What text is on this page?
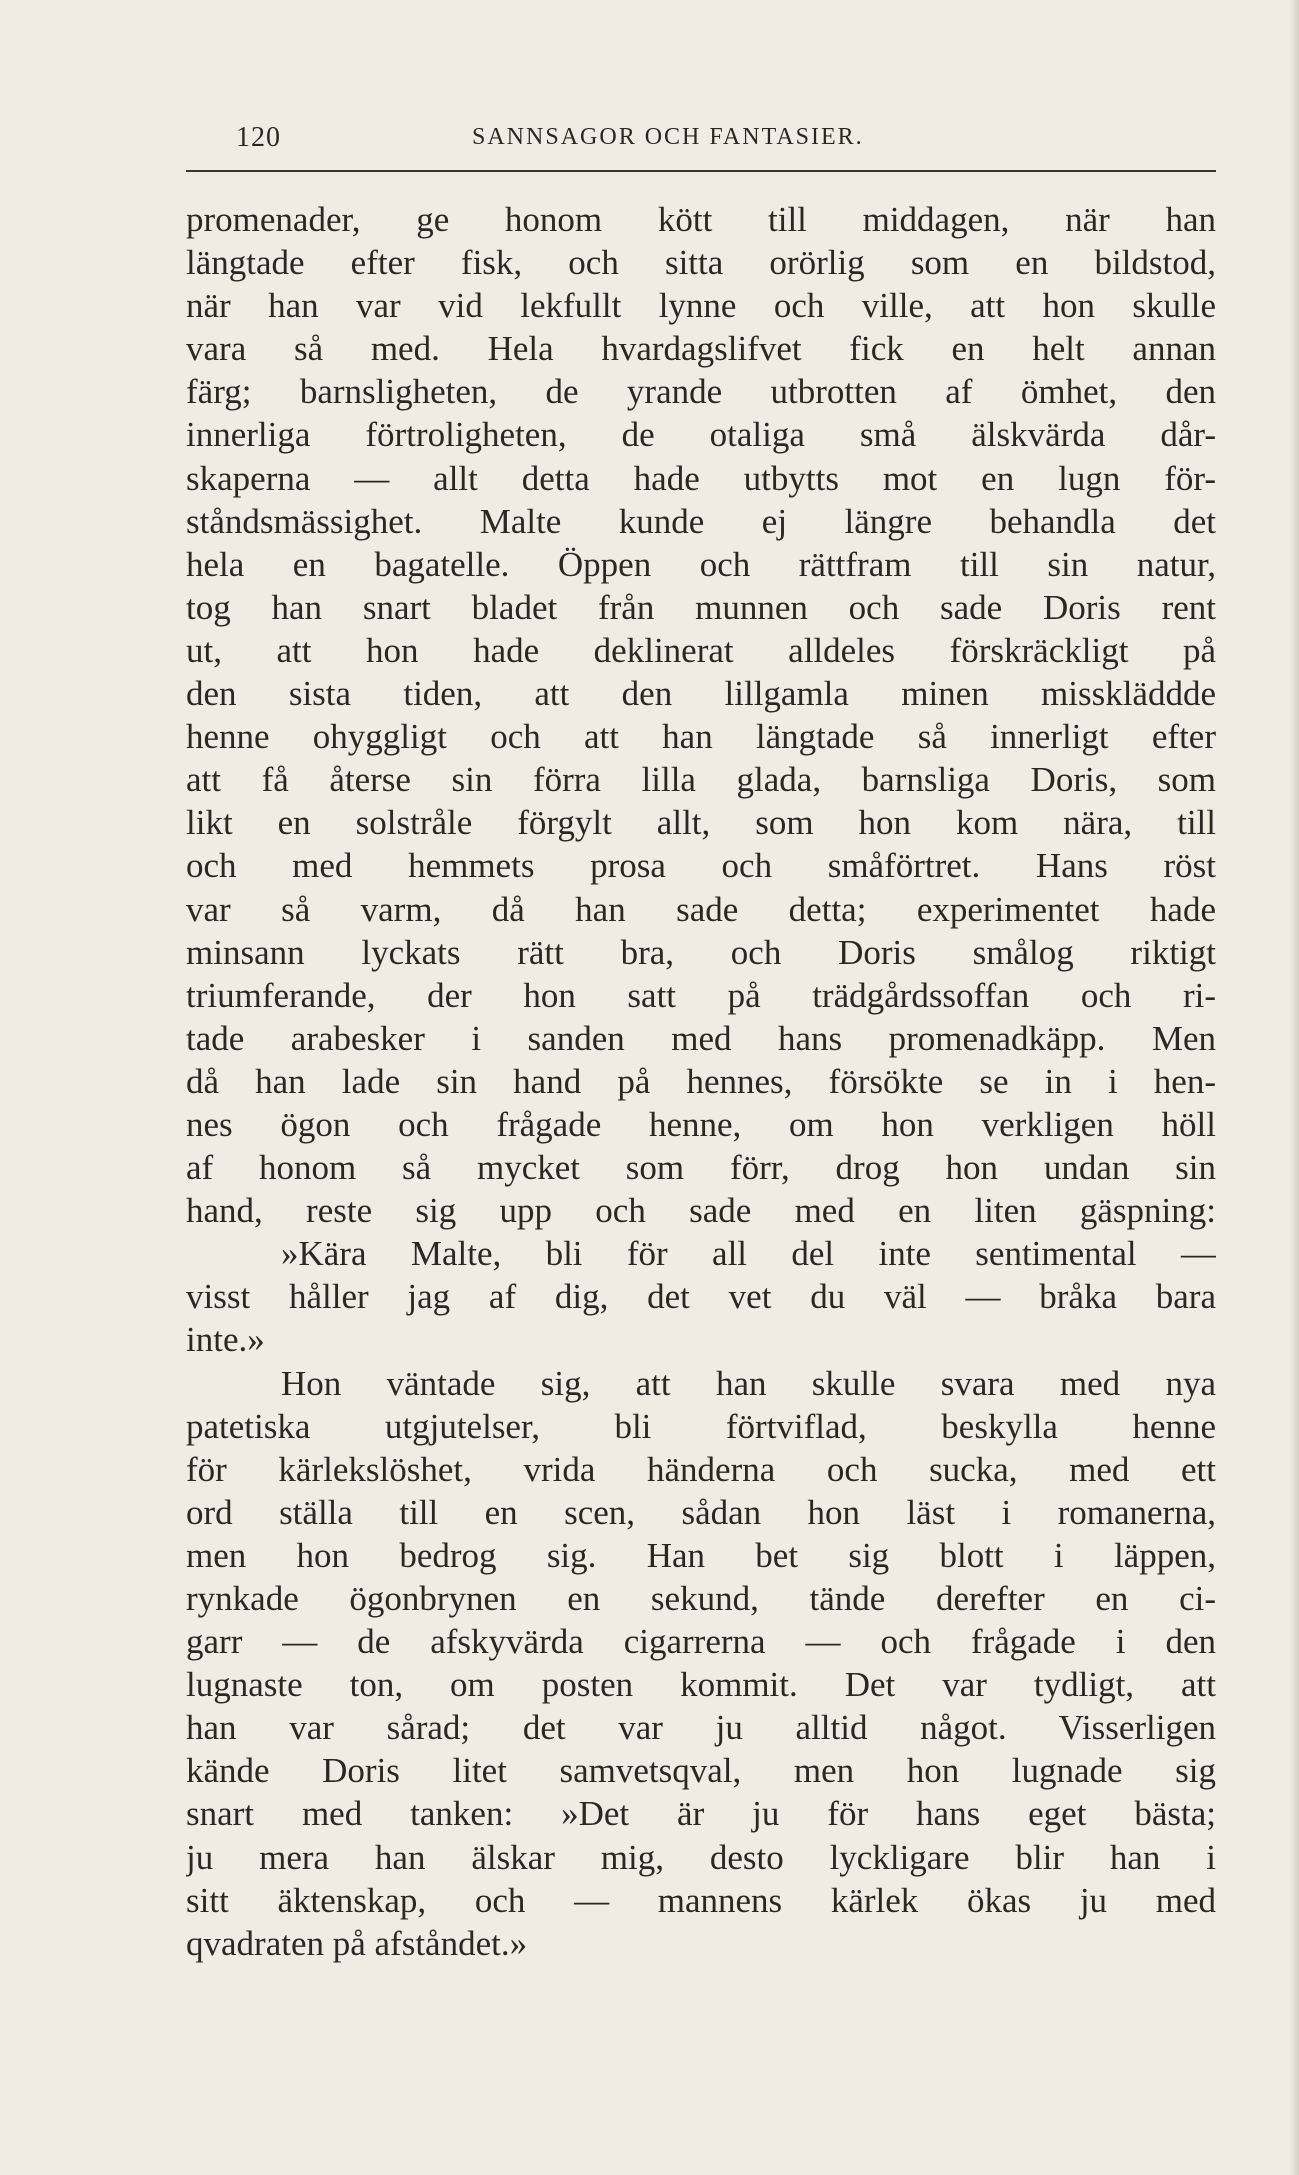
120	SANNSAGOR OCH FANTASIER.
promenader, ge honom kött till middagen, när han
längtade efter fisk, och sitta orörlig som en bildstod,
när han var vid lekfullt lynne och ville, att hon skulle
vara så med. Hela hvardagslifvet fick en helt annan
färg; barnsligheten, de yrande utbrotten af ömhet, den
innerliga förtroligheten, de otaliga små älskvärda dår-
skaperna — allt detta hade utbytts mot en lugn för-
ståndsmässighet. Malte kunde ej längre behandla det
hela en bagatelle. Öppen och rättfram till sin natur,
tog han snart bladet från munnen och sade Doris rent
ut, att hon hade deklinerat alldeles förskräckligt på
den sista tiden, att den lillgamla minen misskläddde
henne ohyggligt och att han längtade så innerligt efter
att få återse sin förra lilla glada, barnsliga Doris, som
likt en solstråle förgylt allt, som hon kom nära, till
och med hemmets prosa och småförtret. Hans röst
var så varm, då han sade detta; experimentet hade
minsann lyckats rätt bra, och Doris smålog riktigt
triumferande, der hon satt på trädgårdssoffan och ri-
tade arabesker i sanden med hans promenadkäpp. Men
då han lade sin hand på hennes, försökte se in i hen-
nes ögon och frågade henne, om hon verkligen höll
af honom så mycket som förr, drog hon undan sin
hand, reste sig upp och sade med en liten gäspning:
»Kära Malte, bli för all del inte sentimental —
visst håller jag af dig, det vet du väl — bråka bara
inte.»
Hon väntade sig, att han skulle svara med nya
patetiska utgjutelser, bli förtviflad, beskylla henne
för kärlekslöshet, vrida händerna och sucka, med ett
ord ställa till en scen, sådan hon läst i romanerna,
men hon bedrog sig. Han bet sig blott i läppen,
rynkade ögonbrynen en sekund, tände derefter en ci-
garr — de afskyvärda cigarrerna — och frågade i den
lugnaste ton, om posten kommit. Det var tydligt, att
han var sårad; det var ju alltid något. Visserligen
kände Doris litet samvetsqval, men hon lugnade sig
snart med tanken: »Det är ju för hans eget bästa;
ju mera han älskar mig, desto lyckligare blir han i
sitt äktenskap, och — mannens kärlek ökas ju med
qvadraten på afståndet.»
